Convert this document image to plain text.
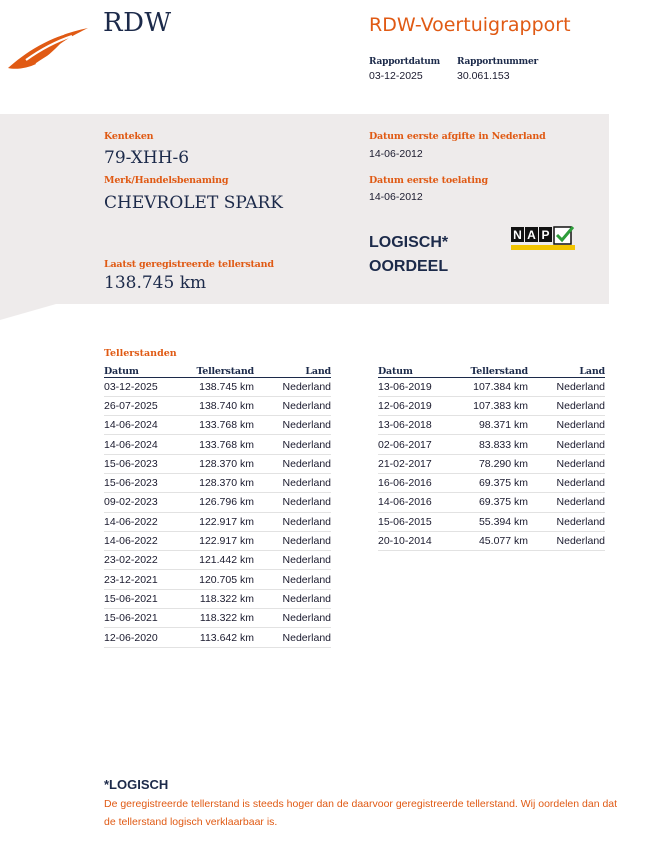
RDW	RDW-Voertuigrapport
Rapportdatum
03-12-2025
Rapportnummer
30.061.153
Kenteken
79-XHH-6
Merk/Handelsbenaming
CHEVROLET SPARK
Laatst geregistreerde tellerstand
138.745 km
Datum eerste afgifte in Nederland
14-06-2012
Datum eerste toelating
14-06-2012
LOGISCH*
OORDEEL
N A P
Tellerstanden
Datum	Tellerstand	Land
03-12-2025	138.745 km	Nederland
26-07-2025	138.740 km	Nederland
14-06-2024	133.768 km	Nederland
14-06-2024	133.768 km	Nederland
15-06-2023	128.370 km	Nederland
15-06-2023	128.370 km	Nederland
09-02-2023	126.796 km	Nederland
14-06-2022	122.917 km	Nederland
14-06-2022	122.917 km	Nederland
23-02-2022	121.442 km	Nederland
23-12-2021	120.705 km	Nederland
15-06-2021	118.322 km	Nederland
15-06-2021	118.322 km	Nederland
12-06-2020	113.642 km	Nederland
Datum	Tellerstand	Land
13-06-2019	107.384 km	Nederland
12-06-2019	107.383 km	Nederland
13-06-2018	98.371 km	Nederland
02-06-2017	83.833 km	Nederland
21-02-2017	78.290 km	Nederland
16-06-2016	69.375 km	Nederland
14-06-2016	69.375 km	Nederland
15-06-2015	55.394 km	Nederland
20-10-2014	45.077 km	Nederland
*LOGISCH
De geregistreerde tellerstand is steeds hoger dan de daarvoor geregistreerde tellerstand. Wij oordelen dan dat de tellerstand logisch verklaarbaar is.
